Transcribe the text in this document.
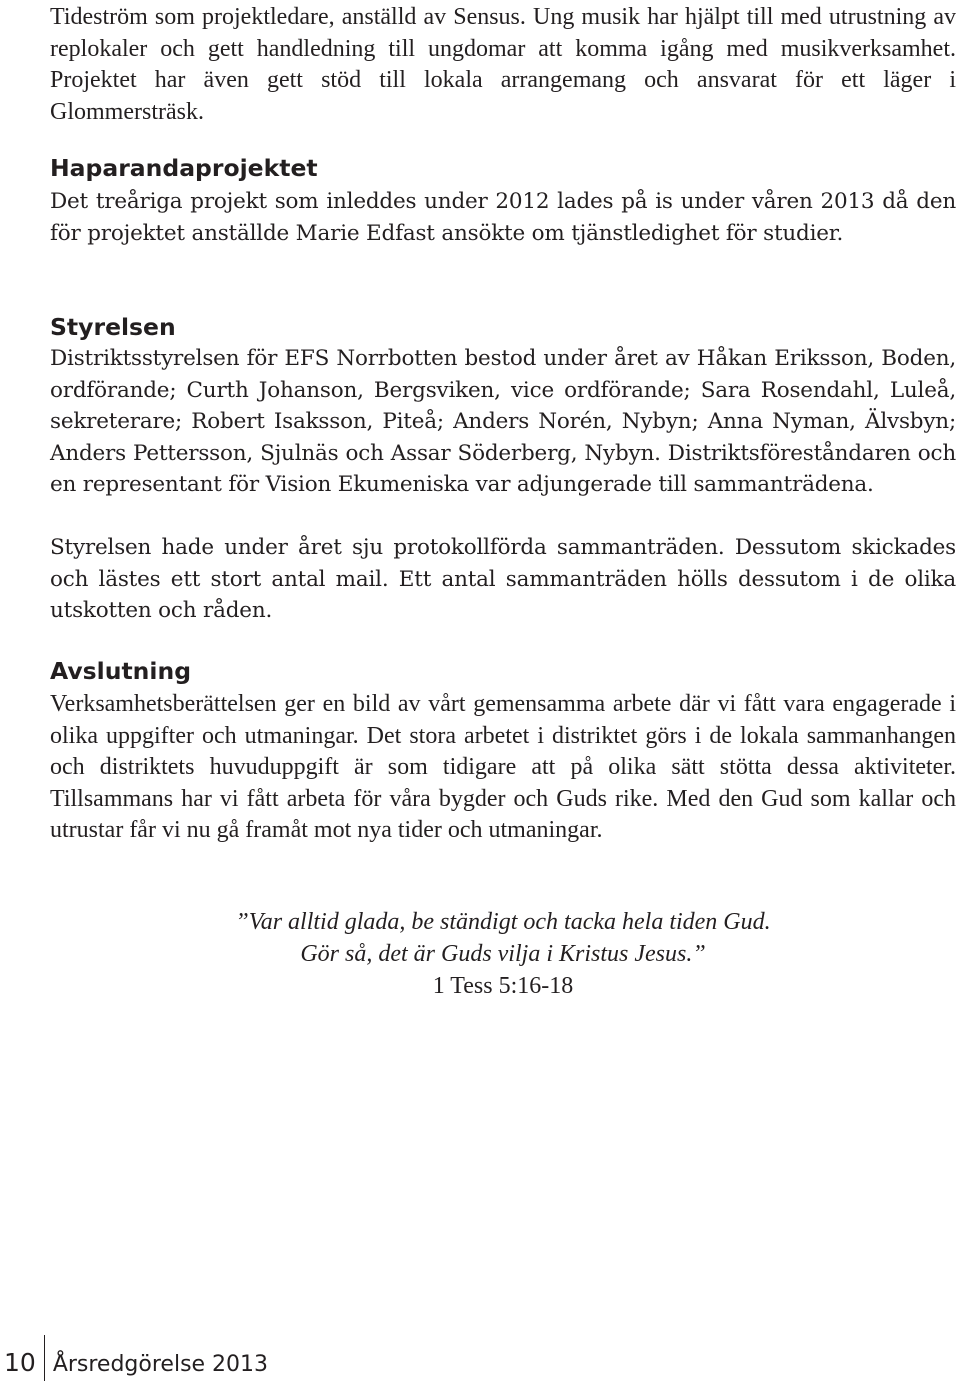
Tideström som projektledare, anställd av Sensus. Ung musik har hjälpt till med utrustning av replokaler och gett handledning till ungdomar att komma igång med musikverksamhet. Projektet har även gett stöd till lokala arrangemang och ansvarat för ett läger i Glommersträsk.

Haparandaprojektet

Det treåriga projekt som inleddes under 2012 lades på is under våren 2013 då den för projektet anställde Marie Edfast ansökte om tjänstledighet för studier.

Styrelsen

Distriktsstyrelsen för EFS Norrbotten bestod under året av Håkan Eriksson, Boden, ordförande; Curth Johanson, Bergsviken, vice ordförande; Sara Rosendahl, Luleå, sekreterare; Robert Isaksson, Piteå; Anders Norén, Nybyn; Anna Nyman, Älvsbyn; Anders Pettersson, Sjulnäs och Assar Söderberg, Nybyn. Distriktsföreståndaren och en representant för Vision Ekumeniska var adjungerade till sammanträdena.

Styrelsen hade under året sju protokollförda sammanträden. Dessutom skickades och lästes ett stort antal mail. Ett antal sammanträden hölls dessutom i de olika utskotten och råden.

Avslutning

Verksamhetsberättelsen ger en bild av vårt gemensamma arbete där vi fått vara engagerade i olika uppgifter och utmaningar. Det stora arbetet i distriktet görs i de lokala sammanhangen och distriktets huvuduppgift är som tidigare att på olika sätt stötta dessa aktiviteter. Tillsammans har vi fått arbeta för våra bygder och Guds rike. Med den Gud som kallar och utrustar får vi nu gå framåt mot nya tider och utmaningar.

”Var alltid glada, be ständigt och tacka hela tiden Gud.
Gör så, det är Guds vilja i Kristus Jesus.”
1 Tess 5:16-18
10 Årsredgörelse 2013
